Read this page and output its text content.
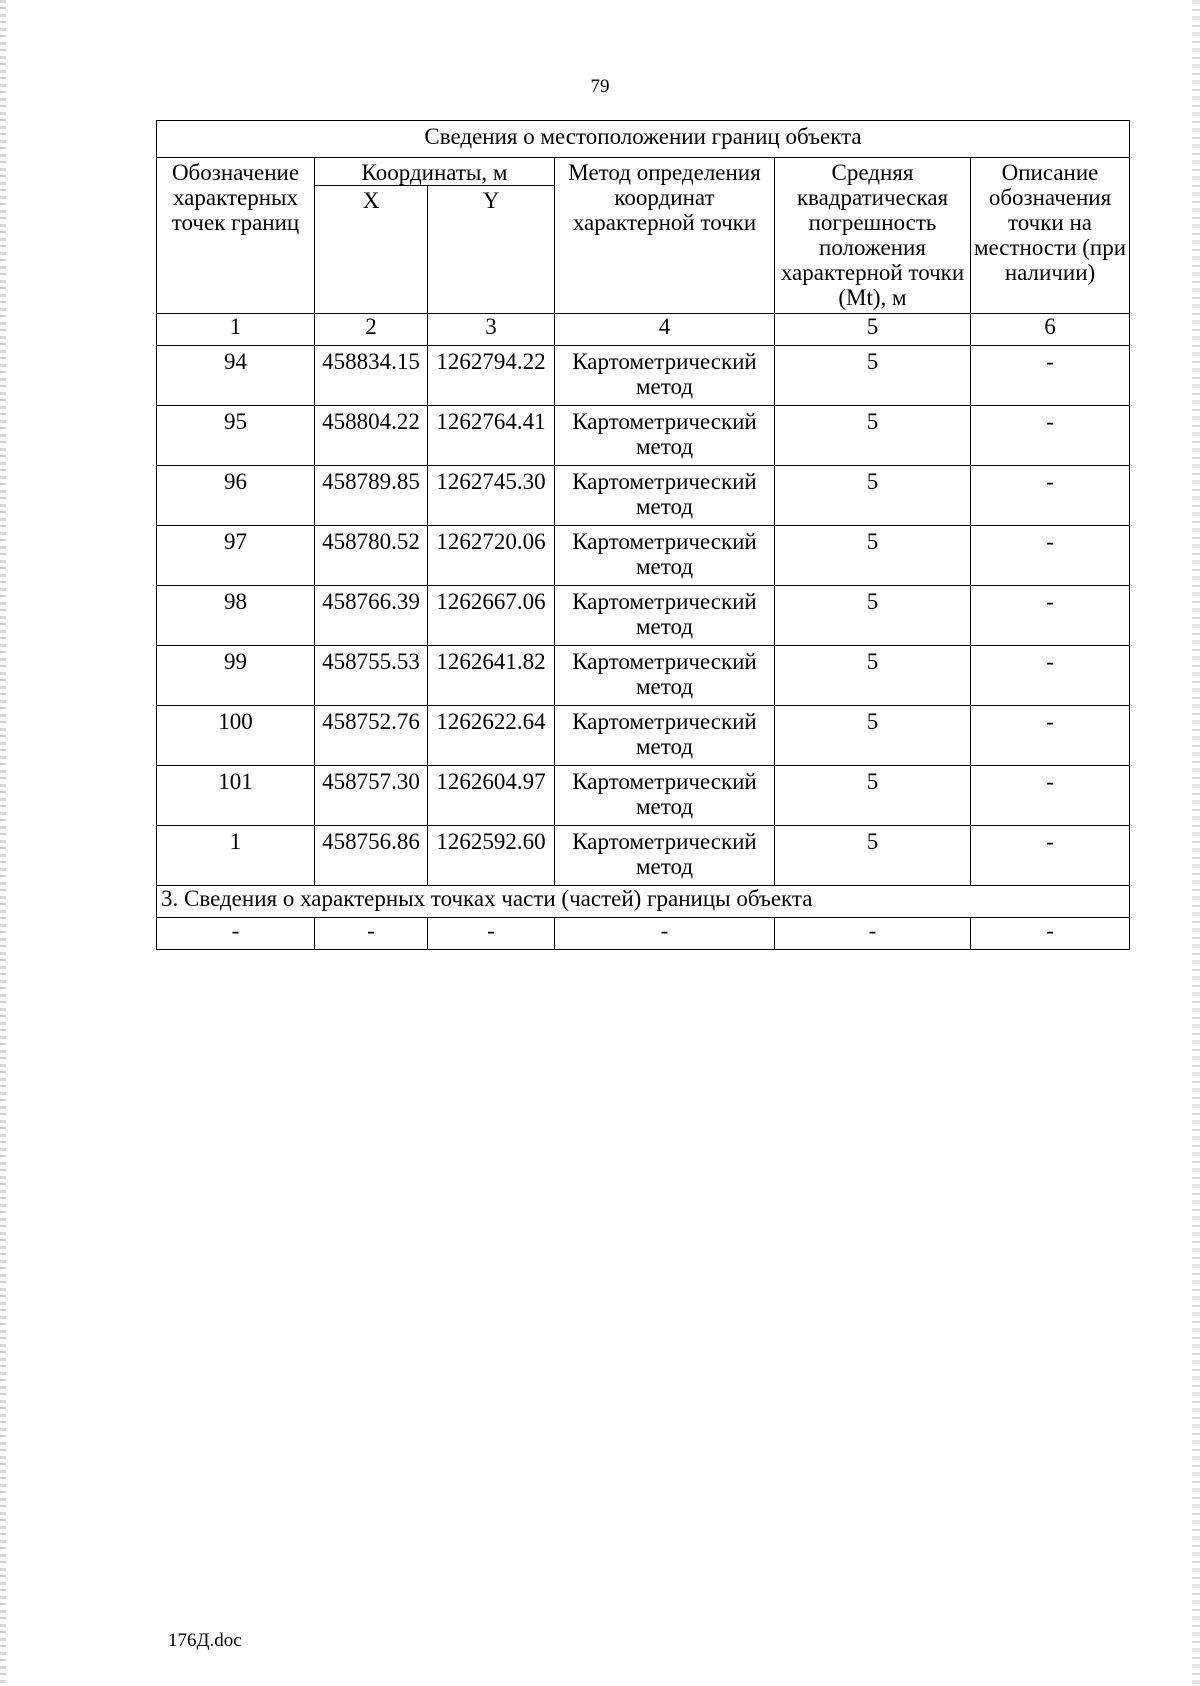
79
Сведения о местоположении границ объекта					
Обозначение характерных точек границ	Координаты, м		Метод определения координат характерной точки	Средняя квадратическая погрешность положения характерной точки (Mt), м	Описание обозначения точки на местности (при наличии)
	X	Y			
1	2	3	4	5	6
94	458834.15	1262794.22	Картометрический метод	5	-
95	458804.22	1262764.41	Картометрический метод	5	-
96	458789.85	1262745.30	Картометрический метод	5	-
97	458780.52	1262720.06	Картометрический метод	5	-
98	458766.39	1262667.06	Картометрический метод	5	-
99	458755.53	1262641.82	Картометрический метод	5	-
100	458752.76	1262622.64	Картометрический метод	5	-
101	458757.30	1262604.97	Картометрический метод	5	-
1	458756.86	1262592.60	Картометрический метод	5	-
3. Сведения о характерных точках части (частей) границы объекта					
-	-	-	-	-	-
176Д.doc
